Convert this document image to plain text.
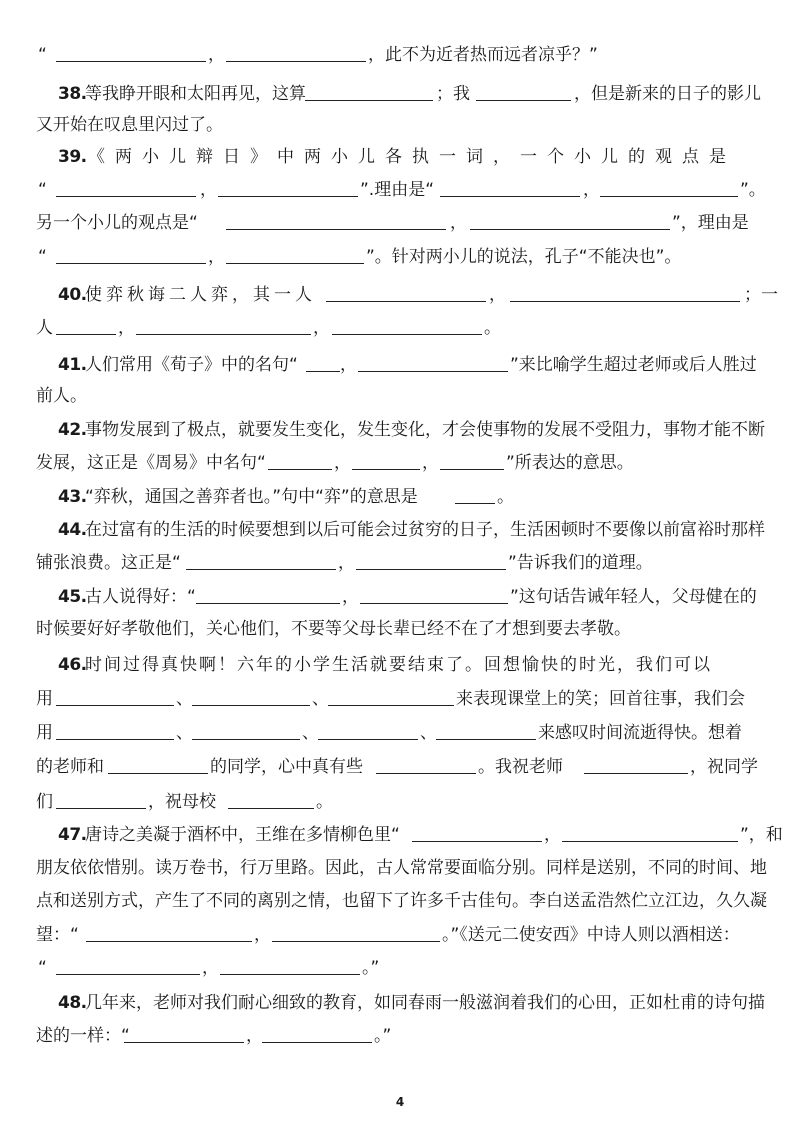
“	，	，此不为近者热而远者凉乎？”
38.
等我睁开眼和太阳再见，这算	；我	，但是新来的日子的影儿
又开始在叹息里闪过了。
39. 《两小儿辩日》中两小儿各执一词，一个小儿的观点是
“	，	”.理由是“	，	”。
另一个小儿的观点是“	，	”，理由是
“	，	”。针对两小儿的说法，孔子“不能决也”。
40.
使弈秋诲二人弈，其一人	，	；一
人	，	，	。
41.
人们常用《荀子》中的名句“ ，	”来比喻学生超过老师或后人胜过
前人。
42.
事物发展到了极点，就要发生变化，发生变化，才会使事物的发展不受阻力，事物才能不断
发展，这正是《周易》中名句“	，	，	”所表达的意思。
43.
“弈秋，通国之善弈者也。”句中“弈”的意思是	。
44.
在过富有的生活的时候要想到以后可能会过贫穷的日子，生活困顿时不要像以前富裕时那样
铺张浪费。这正是“	，	”告诉我们的道理。
45.
古人说得好：“	，	”这句话告诫年轻人，父母健在的
时候要好好孝敬他们，关心他们，不要等父母长辈已经不在了才想到要去孝敬。
46.
时间过得真快啊！六年的小学生活就要结束了。回想愉快的时光，我们可以
用	、	、	来表现课堂上的笑；回首往事，我们会
用	、	、	、	来感叹时间流逝得快。想着
的老师和	的同学，心中真有些	。我祝老师	，祝同学
们	，祝母校	。
47.
唐诗之美凝于酒杯中，王维在多情柳色里“	，	”，和
朋友依依惜别。读万卷书，行万里路。因此，古人常常要面临分别。同样是送别，不同的时间、地
点和送别方式，产生了不同的离别之情，也留下了许多千古佳句。李白送孟浩然伫立江边，久久凝
望：“	，	。”《送元二使安西》中诗人则以酒相送：
“	，	。”
48.
几年来，老师对我们耐心细致的教育，如同春雨一般滋润着我们的心田，正如杜甫的诗句描
述的一样：“	，	。”
4
